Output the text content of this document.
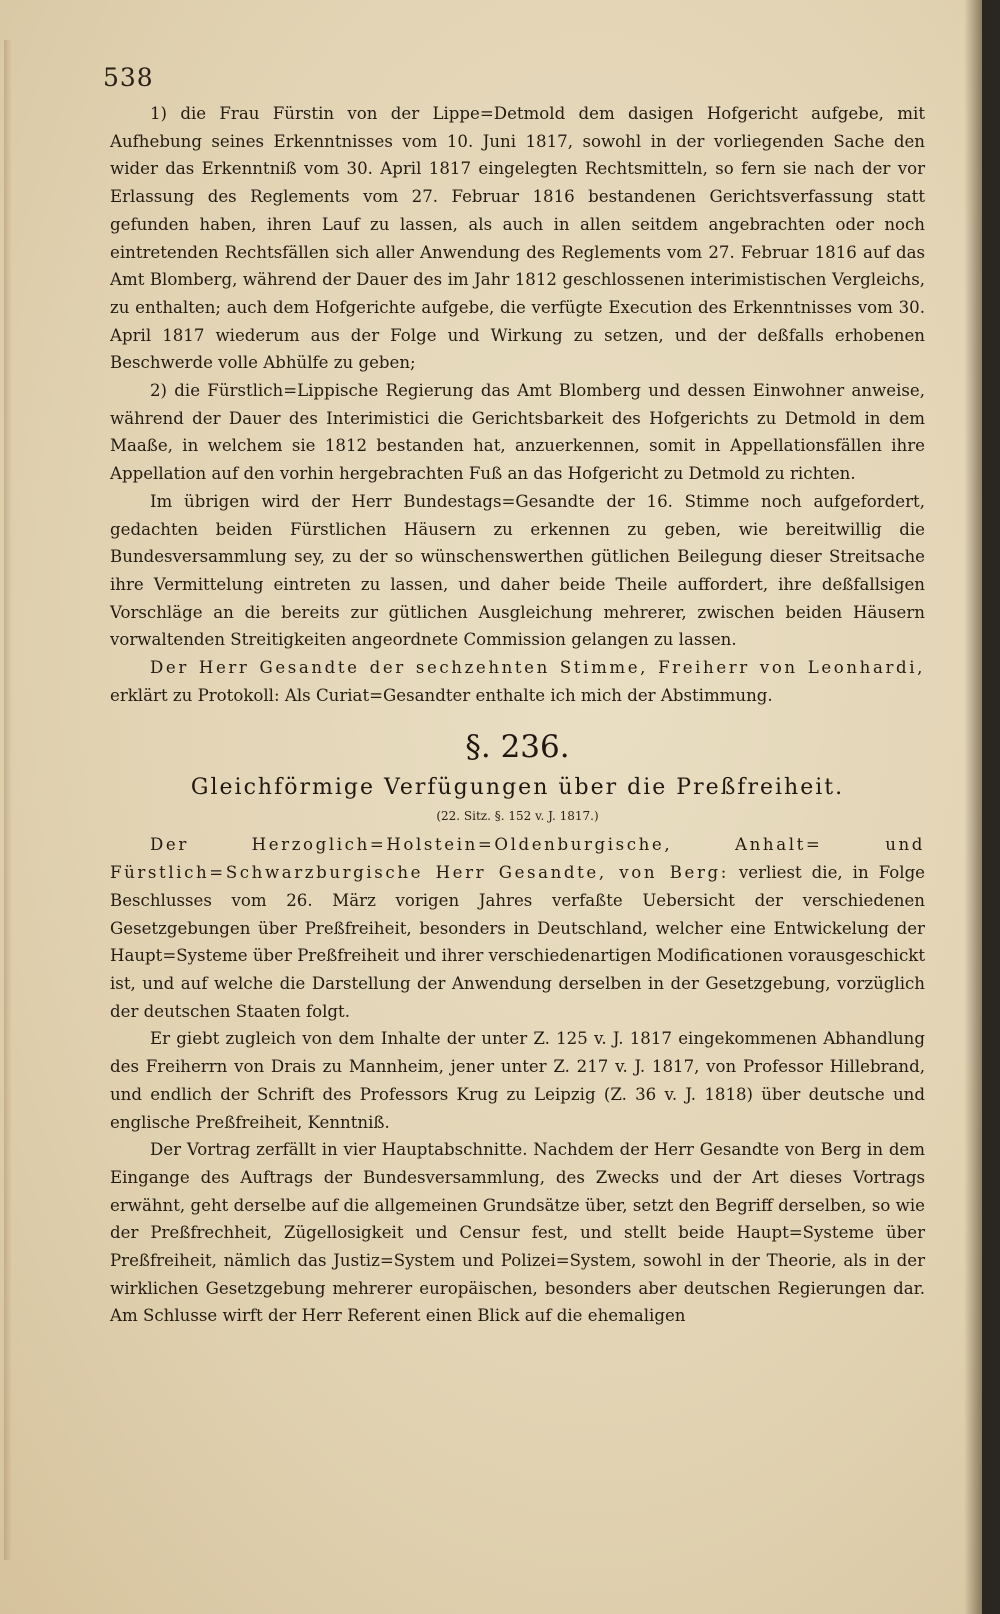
538

1) die Frau Fürstin von der Lippe=Detmold dem dasigen Hofgericht aufgebe, mit Aufhebung seines Erkenntnisses vom 10. Juni 1817, sowohl in der vorliegenden Sache den wider das Erkenntniß vom 30. April 1817 eingelegten Rechtsmitteln, so fern sie nach der vor Erlassung des Reglements vom 27. Februar 1816 bestandenen Gerichtsverfassung statt gefunden haben, ihren Lauf zu lassen, als auch in allen seitdem angebrachten oder noch eintretenden Rechtsfällen sich aller Anwendung des Reglements vom 27. Februar 1816 auf das Amt Blomberg, während der Dauer des im Jahr 1812 geschlossenen interimistischen Vergleichs, zu enthalten; auch dem Hofgerichte aufgebe, die verfügte Execution des Erkenntnisses vom 30. April 1817 wiederum aus der Folge und Wirkung zu setzen, und der deßfalls erhobenen Beschwerde volle Abhülfe zu geben;

2) die Fürstlich=Lippische Regierung das Amt Blomberg und dessen Einwohner anweise, während der Dauer des Interimistici die Gerichtsbarkeit des Hofgerichts zu Detmold in dem Maaße, in welchem sie 1812 bestanden hat, anzuerkennen, somit in Appellationsfällen ihre Appellation auf den vorhin hergebrachten Fuß an das Hofgericht zu Detmold zu richten.

Im übrigen wird der Herr Bundestags=Gesandte der 16. Stimme noch aufgefordert, gedachten beiden Fürstlichen Häusern zu erkennen zu geben, wie bereitwillig die Bundesversammlung sey, zu der so wünschenswerthen gütlichen Beilegung dieser Streitsache ihre Vermittelung eintreten zu lassen, und daher beide Theile auffordert, ihre deßfallsigen Vorschläge an die bereits zur gütlichen Ausgleichung mehrerer, zwischen beiden Häusern vorwaltenden Streitigkeiten angeordnete Commission gelangen zu lassen.

Der Herr Gesandte der sechzehnten Stimme, Freiherr von Leonhardi, erklärt zu Protokoll: Als Curiat=Gesandter enthalte ich mich der Abstimmung.

§. 236.
Gleichförmige Verfügungen über die Preßfreiheit.
(22. Sitz. §. 152 v. J. 1817.)

Der Herzoglich=Holstein=Oldenburgische, Anhalt= und Fürstlich=Schwarzburgische Herr Gesandte, von Berg: verliest die, in Folge Beschlusses vom 26. März vorigen Jahres verfaßte Uebersicht der verschiedenen Gesetzgebungen über Preßfreiheit, besonders in Deutschland, welcher eine Entwickelung der Haupt=Systeme über Preßfreiheit und ihrer verschiedenartigen Modificationen vorausgeschickt ist, und auf welche die Darstellung der Anwendung derselben in der Gesetzgebung, vorzüglich der deutschen Staaten folgt.

Er giebt zugleich von dem Inhalte der unter Z. 125 v. J. 1817 eingekommenen Abhandlung des Freiherrn von Drais zu Mannheim, jener unter Z. 217 v. J. 1817, von Professor Hillebrand, und endlich der Schrift des Professors Krug zu Leipzig (Z. 36 v. J. 1818) über deutsche und englische Preßfreiheit, Kenntniß.

Der Vortrag zerfällt in vier Hauptabschnitte. Nachdem der Herr Gesandte von Berg in dem Eingange des Auftrags der Bundesversammlung, des Zwecks und der Art dieses Vortrags erwähnt, geht derselbe auf die allgemeinen Grundsätze über, setzt den Begriff derselben, so wie der Preßfrechheit, Zügellosigkeit und Censur fest, und stellt beide Haupt=Systeme über Preßfreiheit, nämlich das Justiz=System und Polizei=System, sowohl in der Theorie, als in der wirklichen Gesetzgebung mehrerer europäischen, besonders aber deutschen Regierungen dar. Am Schlusse wirft der Herr Referent einen Blick auf die ehemaligen
